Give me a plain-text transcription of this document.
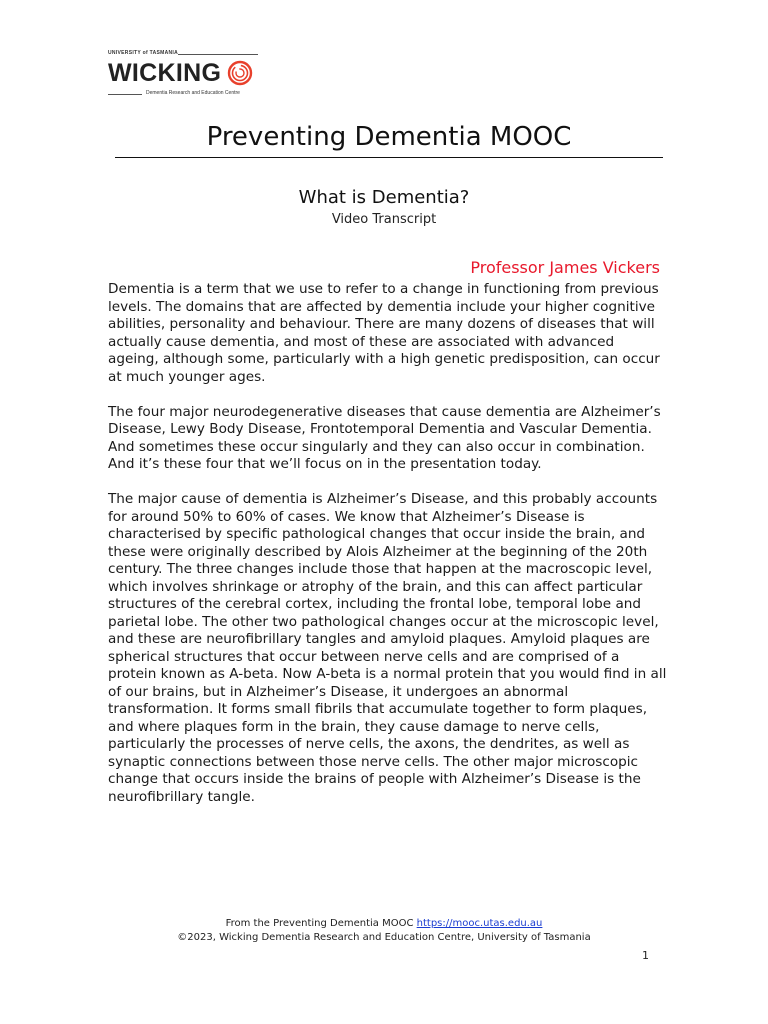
UNIVERSITY of TASMANIA
WICKING
Dementia Research and Education Centre
Preventing Dementia MOOC
What is Dementia?
Video Transcript
Professor James Vickers

Dementia is a term that we use to refer to a change in functioning from previous levels. The domains that are affected by dementia include your higher cognitive abilities, personality and behaviour. There are many dozens of diseases that will actually cause dementia, and most of these are associated with advanced ageing, although some, particularly with a high genetic predisposition, can occur at much younger ages.

The four major neurodegenerative diseases that cause dementia are Alzheimer’s Disease, Lewy Body Disease, Frontotemporal Dementia and Vascular Dementia. And sometimes these occur singularly and they can also occur in combination. And it’s these four that we’ll focus on in the presentation today.

The major cause of dementia is Alzheimer’s Disease, and this probably accounts for around 50% to 60% of cases. We know that Alzheimer’s Disease is characterised by specific pathological changes that occur inside the brain, and these were originally described by Alois Alzheimer at the beginning of the 20th century. The three changes include those that happen at the macroscopic level, which involves shrinkage or atrophy of the brain, and this can affect particular structures of the cerebral cortex, including the frontal lobe, temporal lobe and parietal lobe. The other two pathological changes occur at the microscopic level, and these are neurofibrillary tangles and amyloid plaques. Amyloid plaques are spherical structures that occur between nerve cells and are comprised of a protein known as A-beta. Now A-beta is a normal protein that you would find in all of our brains, but in Alzheimer’s Disease, it undergoes an abnormal transformation. It forms small fibrils that accumulate together to form plaques, and where plaques form in the brain, they cause damage to nerve cells, particularly the processes of nerve cells, the axons, the dendrites, as well as synaptic connections between those nerve cells. The other major microscopic change that occurs inside the brains of people with Alzheimer’s Disease is the neurofibrillary tangle.

From the Preventing Dementia MOOC https://mooc.utas.edu.au
©2023, Wicking Dementia Research and Education Centre, University of Tasmania
1
